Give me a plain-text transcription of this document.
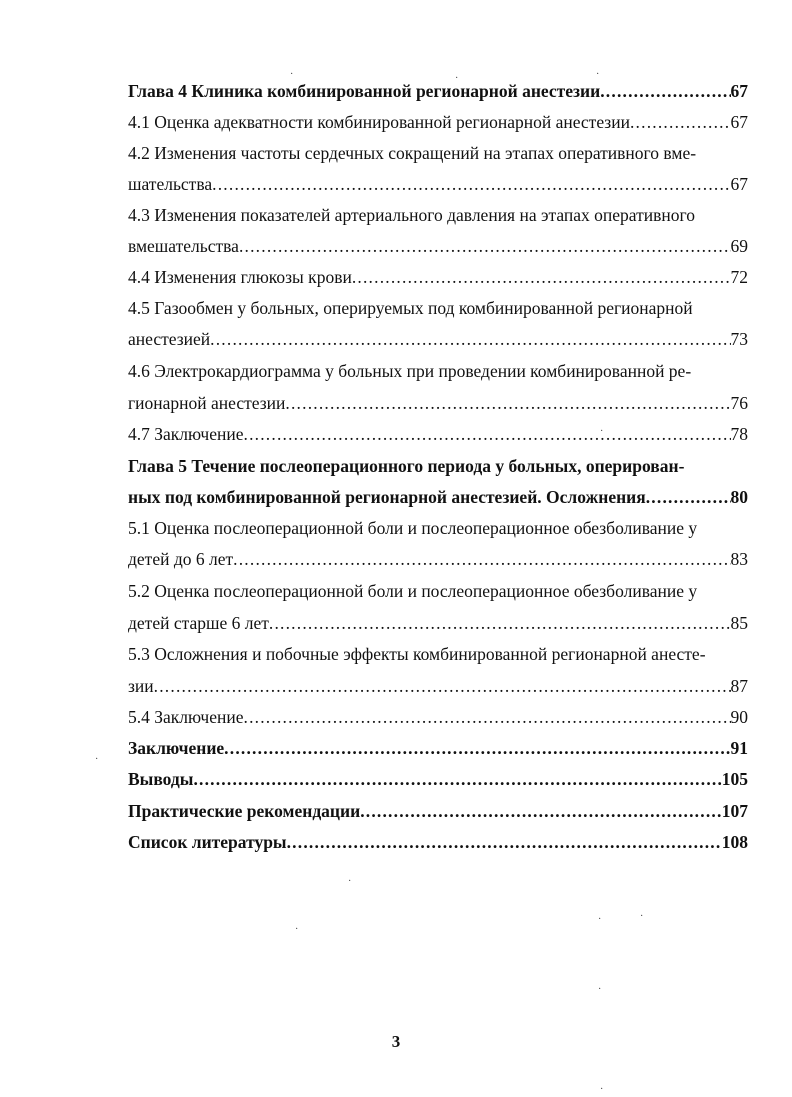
Глава 4 Клиника комбинированной регионарной анестезии .....	67
4.1 Оценка адекватности комбинированной регионарной анестезии .....	67
4.2 Изменения частоты сердечных сокращений на этапах оперативного вме-
шательства .....	67
4.3 Изменения показателей артериального давления на этапах оперативного
вмешательства .....	69
4.4 Изменения глюкозы крови .....	72
4.5 Газообмен у больных, оперируемых под комбинированной регионарной
анестезией .....	73
4.6 Электрокардиограмма у больных при проведении комбинированной ре-
гионарной анестезии .....	76
4.7 Заключение .....	78
Глава 5 Течение послеоперационного периода у больных, оперирован-
ных под комбинированной регионарной анестезией. Осложнения .....	80
5.1 Оценка послеоперационной боли и послеоперационное обезболивание у
детей до 6 лет .....	83
5.2 Оценка послеоперационной боли и послеоперационное обезболивание у
детей старше 6 лет .....	85
5.3 Осложнения и побочные эффекты комбинированной регионарной анесте-
зии .....	87
5.4 Заключение .....	90
Заключение .....	91
Выводы .....	105
Практические рекомендации .....	107
Список литературы .....	108
·	·	·
·
·
·
·
·	·
·
·
3
